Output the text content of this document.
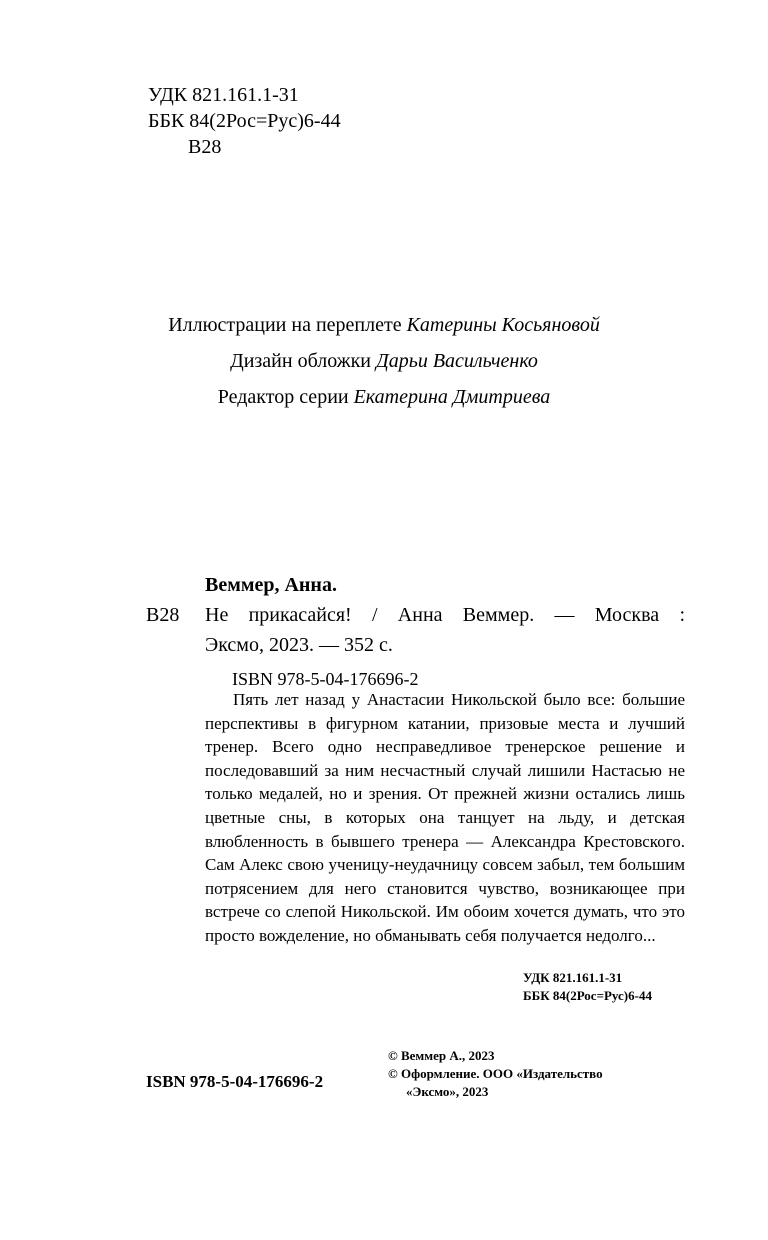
УДК 821.161.1-31
ББК 84(2Рос=Рус)6-44
В28
Иллюстрации на переплете Катерины Косьяновой
Дизайн обложки Дарьи Васильченко
Редактор серии Екатерина Дмитриева
Веммер, Анна.
В28 Не прикасайся! / Анна Веммер. — Москва :
Эксмо, 2023. — 352 с.
ISBN 978-5-04-176696-2

Пять лет назад у Анастасии Никольской было все: большие перспективы в фигурном катании, призовые места и лучший тренер. Всего одно несправедливое тренерское решение и последовавший за ним несчастный случай лишили Настасью не только медалей, но и зрения. От прежней жизни остались лишь цветные сны, в которых она танцует на льду, и детская влюбленность в бывшего тренера — Александра Крестовского. Сам Алекс свою ученицу-неудачницу совсем забыл, тем большим потрясением для него становится чувство, возникающее при встрече со слепой Никольской. Им обоим хочется думать, что это просто вожделение, но обманывать себя получается недолго...

УДК 821.161.1-31
ББК 84(2Рос=Рус)6-44
ISBN 978-5-04-176696-2
© Веммер А., 2023
© Оформление. ООО «Издательство
«Эксмо», 2023
